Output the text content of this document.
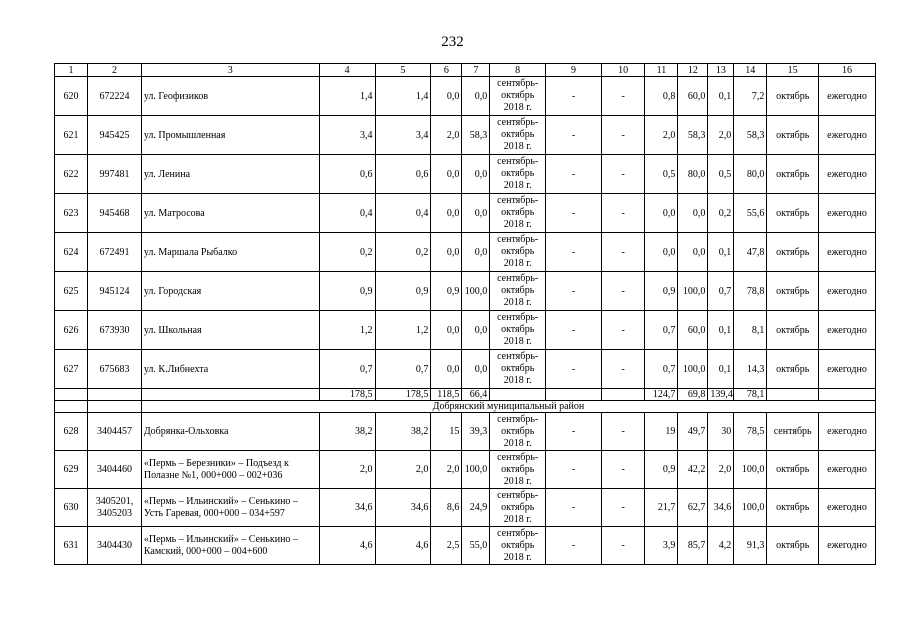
232
1	2	3	4	5	6	7	8	9	10	11	12	13	14	15	16
620	672224	ул. Геофизиков	1,4	1,4	0,0	0,0	сентябрь-октябрь 2018 г.	-	-	0,8	60,0	0,1	7,2	октябрь	ежегодно
621	945425	ул. Промышленная	3,4	3,4	2,0	58,3	сентябрь-октябрь 2018 г.	-	-	2,0	58,3	2,0	58,3	октябрь	ежегодно
622	997481	ул. Ленина	0,6	0,6	0,0	0,0	сентябрь-октябрь 2018 г.	-	-	0,5	80,0	0,5	80,0	октябрь	ежегодно
623	945468	ул. Матросова	0,4	0,4	0,0	0,0	сентябрь-октябрь 2018 г.	-	-	0,0	0,0	0,2	55,6	октябрь	ежегодно
624	672491	ул. Маршала Рыбалко	0,2	0,2	0,0	0,0	сентябрь-октябрь 2018 г.	-	-	0,0	0,0	0,1	47,8	октябрь	ежегодно
625	945124	ул. Городская	0,9	0,9	0,9	100,0	сентябрь-октябрь 2018 г.	-	-	0,9	100,0	0,7	78,8	октябрь	ежегодно
626	673930	ул. Школьная	1,2	1,2	0,0	0,0	сентябрь-октябрь 2018 г.	-	-	0,7	60,0	0,1	8,1	октябрь	ежегодно
627	675683	ул. К.Либнехта	0,7	0,7	0,0	0,0	сентябрь-октябрь 2018 г.	-	-	0,7	100,0	0,1	14,3	октябрь	ежегодно
			178,5	178,5	118,5	66,4				124,7	69,8	139,4	78,1		
		Добрянский муниципальный район													
628	3404457	Добрянка-Ольховка	38,2	38,2	15	39,3	сентябрь-октябрь 2018 г.	-	-	19	49,7	30	78,5	сентябрь	ежегодно
629	3404460	«Пермь – Березники» – Подъезд к Полазне №1, 000+000 – 002+036	2,0	2,0	2,0	100,0	сентябрь-октябрь 2018 г.	-	-	0,9	42,2	2,0	100,0	октябрь	ежегодно
630	3405201, 3405203	«Пермь – Ильинский» – Сенькино – Усть Гаревая, 000+000 – 034+597	34,6	34,6	8,6	24,9	сентябрь-октябрь 2018 г.	-	-	21,7	62,7	34,6	100,0	октябрь	ежегодно
631	3404430	«Пермь – Ильинский» – Сенькино – Камский, 000+000 – 004+600	4,6	4,6	2,5	55,0	сентябрь-октябрь 2018 г.	-	-	3,9	85,7	4,2	91,3	октябрь	ежегодно
